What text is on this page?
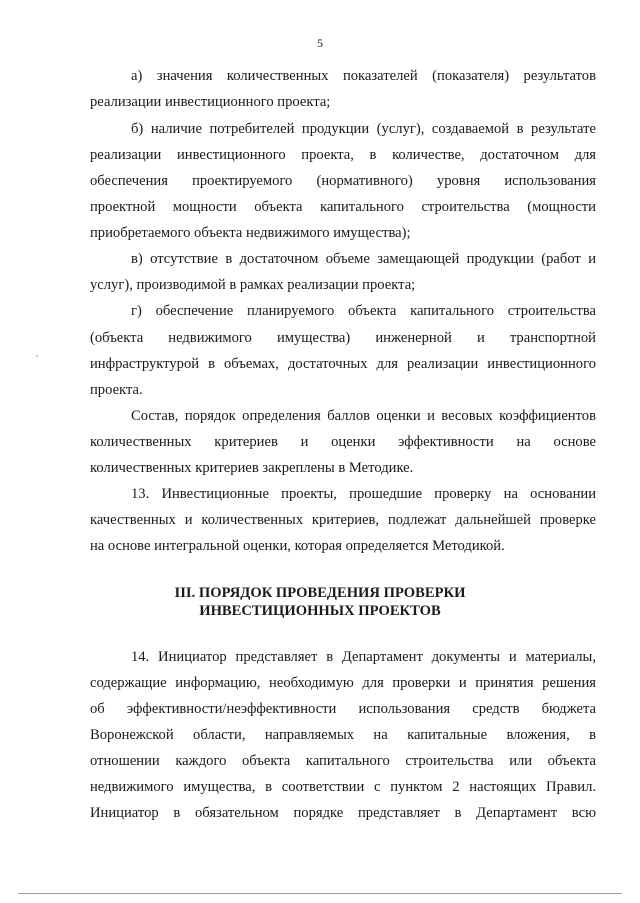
5
а) значения количественных показателей (показателя) результатов
реализации инвестиционного проекта;
б) наличие потребителей продукции (услуг), создаваемой в результате
реализации инвестиционного проекта, в количестве, достаточном для
обеспечения проектируемого (нормативного) уровня использования
проектной мощности объекта капитального строительства (мощности
приобретаемого объекта недвижимого имущества);
в) отсутствие в достаточном объеме замещающей продукции (работ и
услуг), производимой в рамках реализации проекта;
г) обеспечение планируемого объекта капитального строительства
(объекта недвижимого имущества) инженерной и транспортной
инфраструктурой в объемах, достаточных для реализации инвестиционного
проекта.
Состав, порядок определения баллов оценки и весовых коэффициентов
количественных критериев и оценки эффективности на основе
количественных критериев закреплены в Методике.
13. Инвестиционные проекты, прошедшие проверку на основании
качественных и количественных критериев, подлежат дальнейшей проверке
на основе интегральной оценки, которая определяется Методикой.
III. ПОРЯДОК ПРОВЕДЕНИЯ ПРОВЕРКИ
ИНВЕСТИЦИОННЫХ ПРОЕКТОВ
14. Инициатор представляет в Департамент документы и материалы,
содержащие информацию, необходимую для проверки и принятия решения
об эффективности/неэффективности использования средств бюджета
Воронежской области, направляемых на капитальные вложения, в
отношении каждого объекта капитального строительства или объекта
недвижимого имущества, в соответствии с пунктом 2 настоящих Правил.
Инициатор в обязательном порядке представляет в Департамент всю
